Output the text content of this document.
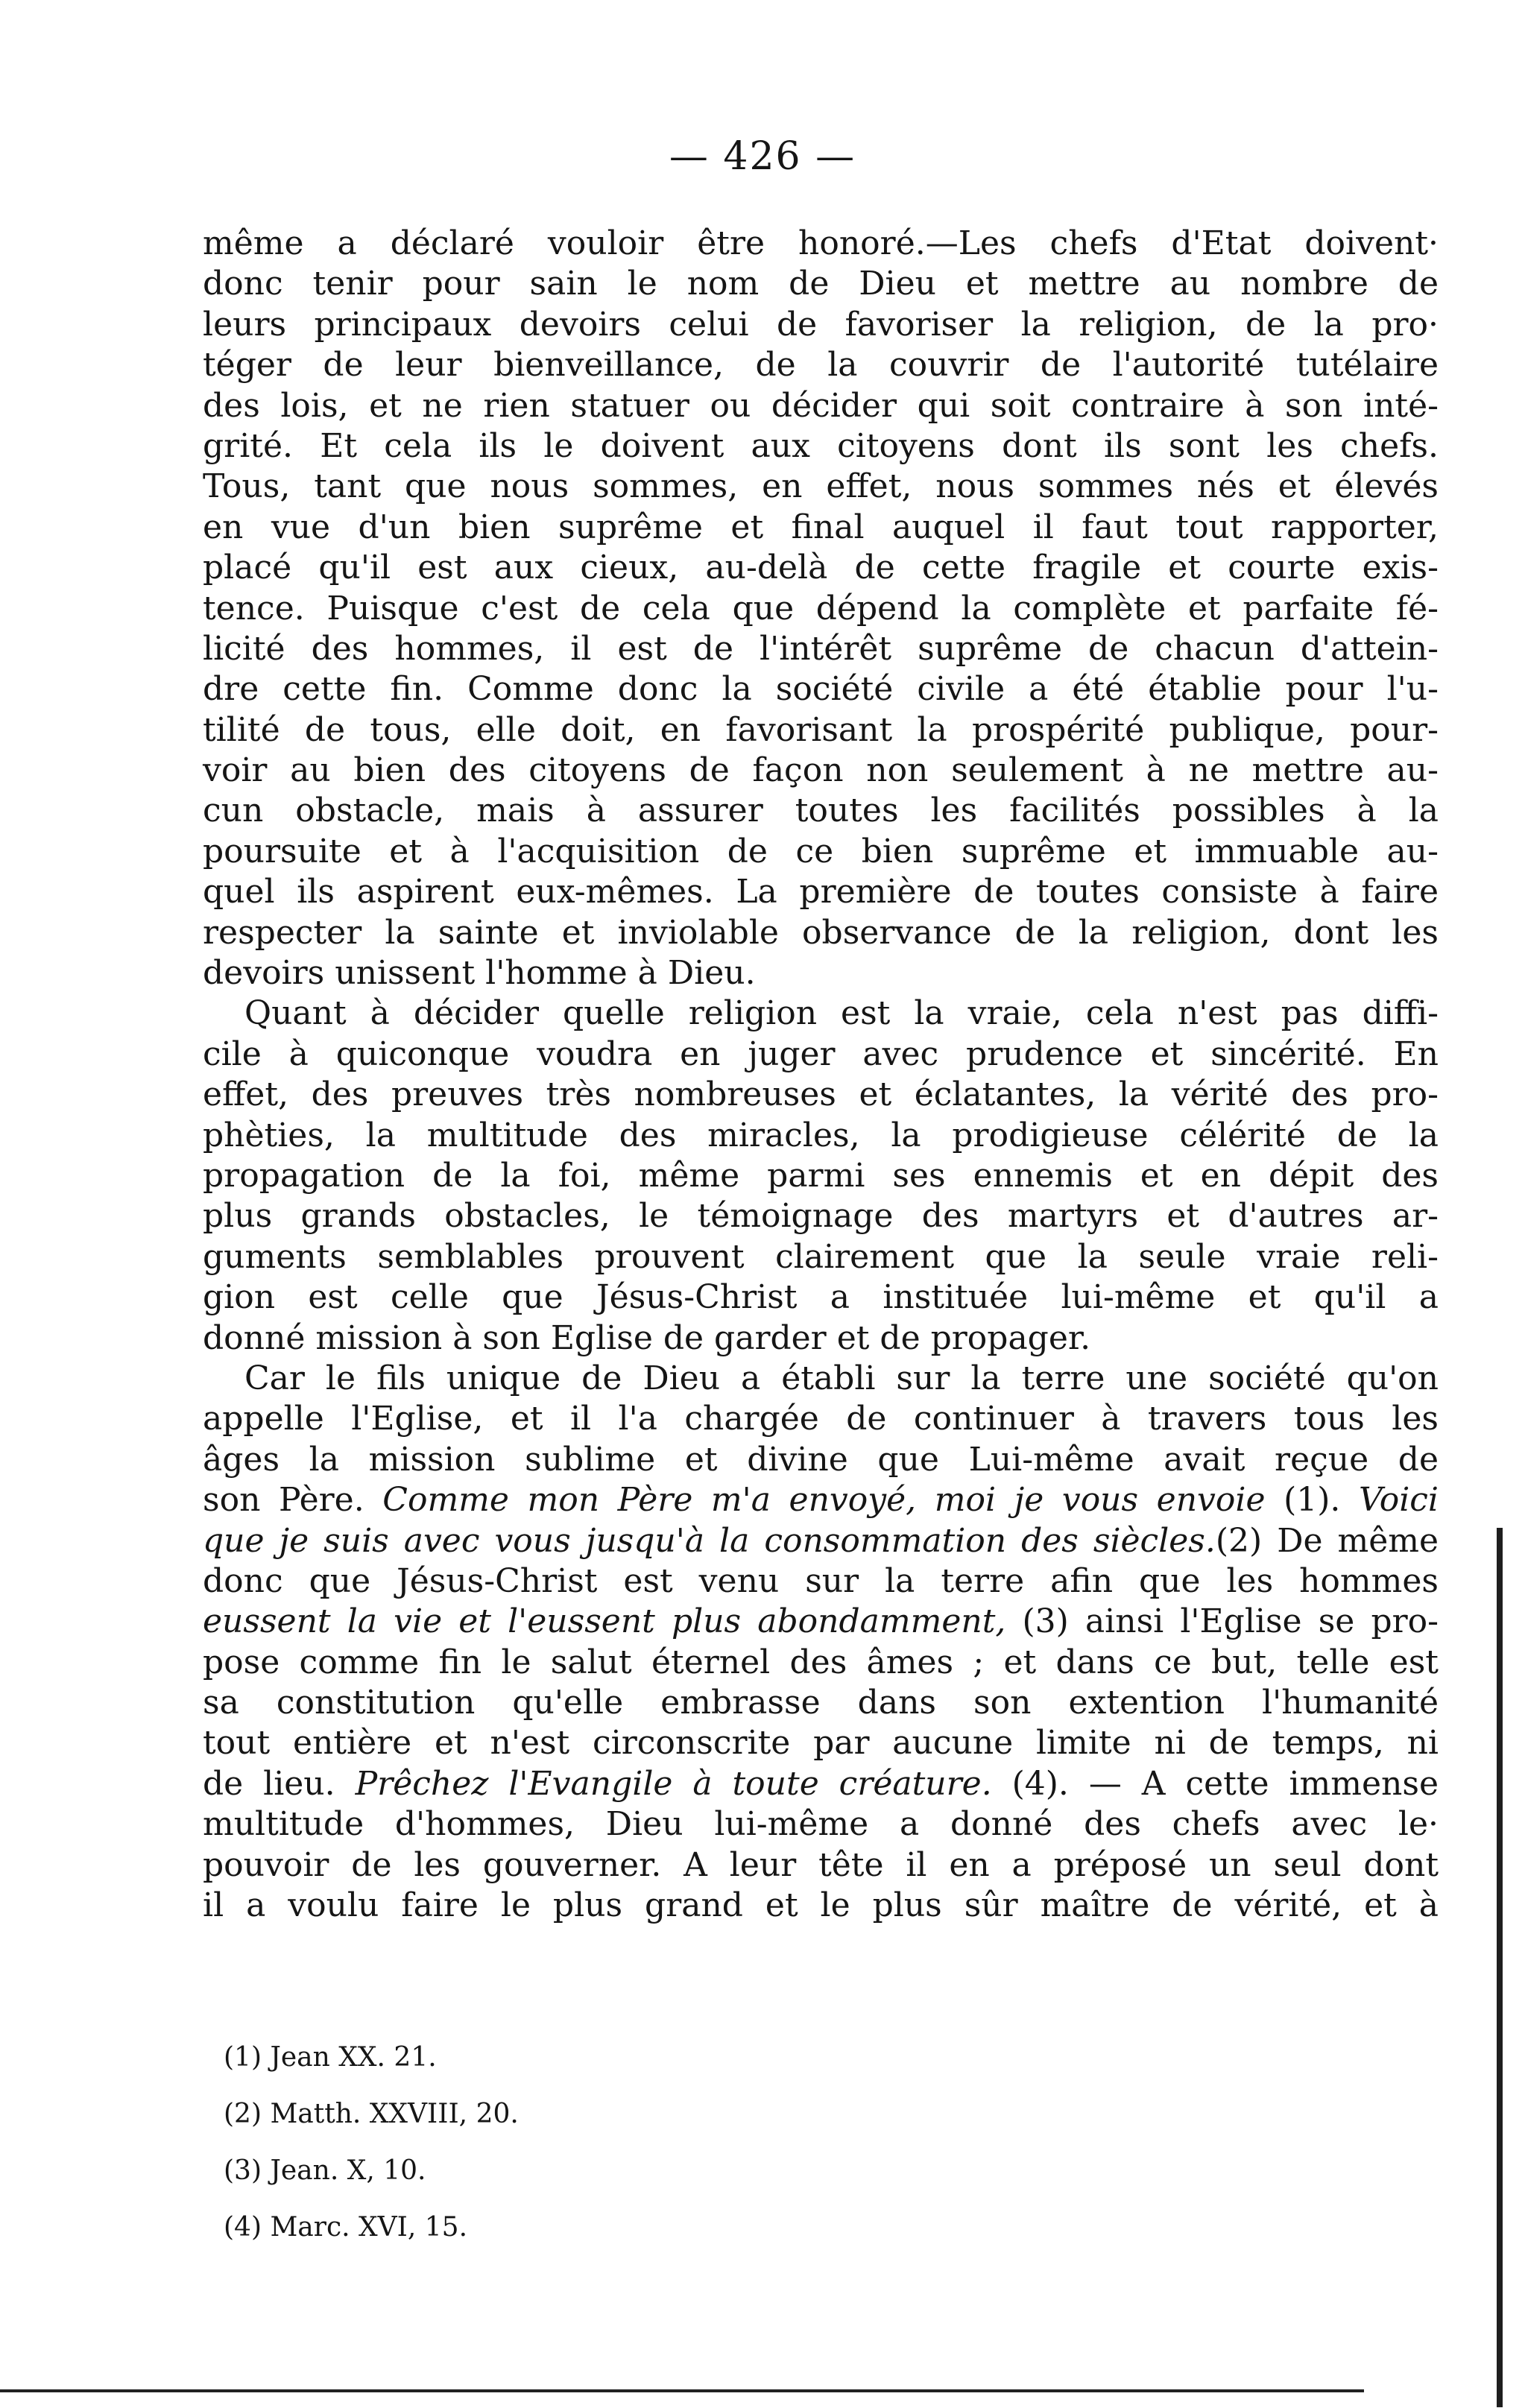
— 426 —
même a déclaré vouloir être honoré.—Les chefs d'Etat doivent·
donc tenir pour sain le nom de Dieu et mettre au nombre de
leurs principaux devoirs celui de favoriser la religion, de la pro·
téger de leur bienveillance, de la couvrir de l'autorité tutélaire
des lois, et ne rien statuer ou décider qui soit contraire à son inté-
grité. Et cela ils le doivent aux citoyens dont ils sont les chefs.
Tous, tant que nous sommes, en effet, nous sommes nés et élevés
en vue d'un bien suprême et final auquel il faut tout rapporter,
placé qu'il est aux cieux, au-delà de cette fragile et courte exis-
tence. Puisque c'est de cela que dépend la complète et parfaite fé-
licité des hommes, il est de l'intérêt suprême de chacun d'attein-
dre cette fin. Comme donc la société civile a été établie pour l'u-
tilité de tous, elle doit, en favorisant la prospérité publique, pour-
voir au bien des citoyens de façon non seulement à ne mettre au-
cun obstacle, mais à assurer toutes les facilités possibles à la
poursuite et à l'acquisition de ce bien suprême et immuable au-
quel ils aspirent eux-mêmes. La première de toutes consiste à faire
respecter la sainte et inviolable observance de la religion, dont les
devoirs unissent l'homme à Dieu.
Quant à décider quelle religion est la vraie, cela n'est pas diffi-
cile à quiconque voudra en juger avec prudence et sincérité. En
effet, des preuves très nombreuses et éclatantes, la vérité des pro-
phèties, la multitude des miracles, la prodigieuse célérité de la
propagation de la foi, même parmi ses ennemis et en dépit des
plus grands obstacles, le témoignage des martyrs et d'autres ar-
guments semblables prouvent clairement que la seule vraie reli-
gion est celle que Jésus-Christ a instituée lui-même et qu'il a
donné mission à son Eglise de garder et de propager.
Car le fils unique de Dieu a établi sur la terre une société qu'on
appelle l'Eglise, et il l'a chargée de continuer à travers tous les
âges la mission sublime et divine que Lui-même avait reçue de
son Père. Comme mon Père m'a envoyé, moi je vous envoie (1). Voici
que je suis avec vous jusqu'à la consommation des siècles.(2) De même
donc que Jésus-Christ est venu sur la terre afin que les hommes
eussent la vie et l'eussent plus abondamment, (3) ainsi l'Eglise se pro-
pose comme fin le salut éternel des âmes ; et dans ce but, telle est
sa constitution qu'elle embrasse dans son extention l'humanité
tout entière et n'est circonscrite par aucune limite ni de temps, ni
de lieu. Prêchez l'Evangile à toute créature. (4). — A cette immense
multitude d'hommes, Dieu lui-même a donné des chefs avec le·
pouvoir de les gouverner. A leur tête il en a préposé un seul dont
il a voulu faire le plus grand et le plus sûr maître de vérité, et à
(1) Jean XX. 21.
(2) Matth. XXVIII, 20.
(3) Jean. X, 10.
(4) Marc. XVI, 15.
